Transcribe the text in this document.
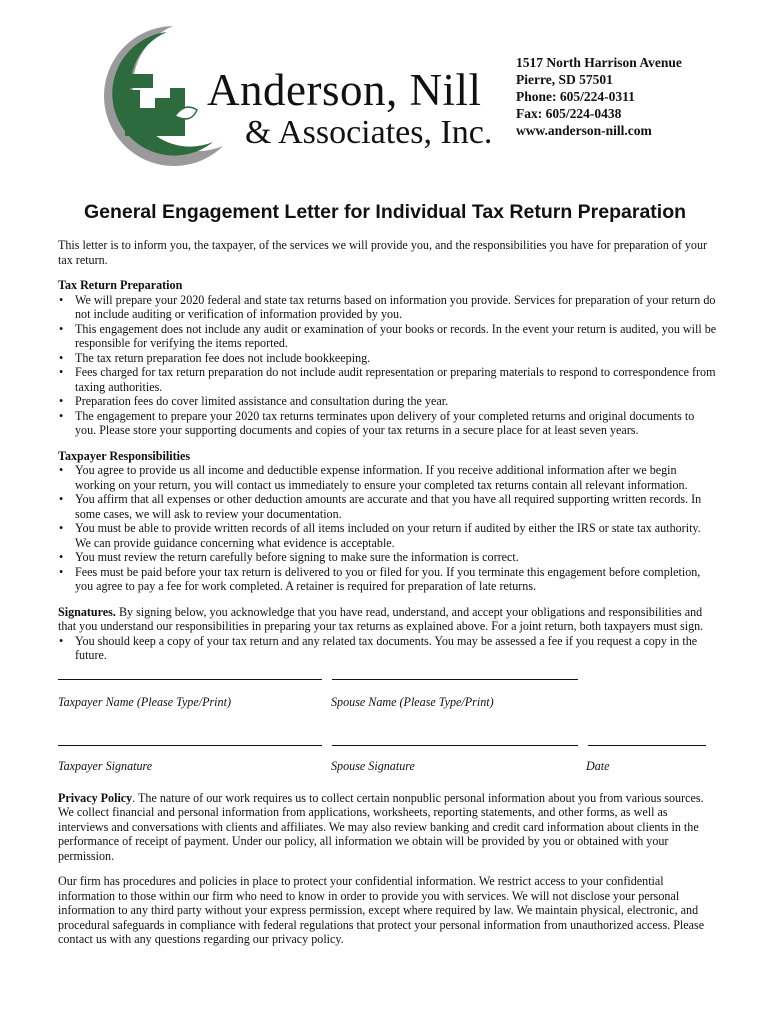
Anderson, Nill
& Associates, Inc.
1517 North Harrison Avenue
Pierre, SD 57501
Phone: 605/224-0311
Fax: 605/224-0438
www.anderson-nill.com
General Engagement Letter for Individual Tax Return Preparation

This letter is to inform you, the taxpayer, of the services we will provide you, and the responsibilities you have for preparation of your tax return.

Tax Return Preparation
• We will prepare your 2020 federal and state tax returns based on information you provide. Services for preparation of your return do not include auditing or verification of information provided by you.
• This engagement does not include any audit or examination of your books or records. In the event your return is audited, you will be responsible for verifying the items reported.
• The tax return preparation fee does not include bookkeeping.
• Fees charged for tax return preparation do not include audit representation or preparing materials to respond to correspondence from taxing authorities.
• Preparation fees do cover limited assistance and consultation during the year.
• The engagement to prepare your 2020 tax returns terminates upon delivery of your completed returns and original documents to you. Please store your supporting documents and copies of your tax returns in a secure place for at least seven years.
Taxpayer Responsibilities
• You agree to provide us all income and deductible expense information. If you receive additional information after we begin working on your return, you will contact us immediately to ensure your completed tax returns contain all relevant information.
• You affirm that all expenses or other deduction amounts are accurate and that you have all required supporting written records. In some cases, we will ask to review your documentation.
• You must be able to provide written records of all items included on your return if audited by either the IRS or state tax authority. We can provide guidance concerning what evidence is acceptable.
• You must review the return carefully before signing to make sure the information is correct.
• Fees must be paid before your tax return is delivered to you or filed for you. If you terminate this engagement before completion, you agree to pay a fee for work completed. A retainer is required for preparation of late returns.

Signatures. By signing below, you acknowledge that you have read, understand, and accept your obligations and responsibilities and that you understand our responsibilities in preparing your tax returns as explained above. For a joint return, both taxpayers must sign.

• You should keep a copy of your tax return and any related tax documents. You may be assessed a fee if you request a copy in the future.
Taxpayer Name (Please Type/Print)	Spouse Name (Please Type/Print)
Taxpayer Signature	Spouse Signature	Date

Privacy Policy. The nature of our work requires us to collect certain nonpublic personal information about you from various sources. We collect financial and personal information from applications, worksheets, reporting statements, and other forms, as well as interviews and conversations with clients and affiliates. We may also review banking and credit card information about clients in the performance of receipt of payment. Under our policy, all information we obtain will be provided by you or obtained with your permission.

Our firm has procedures and policies in place to protect your confidential information. We restrict access to your confidential information to those within our firm who need to know in order to provide you with services. We will not disclose your personal information to any third party without your express permission, except where required by law. We maintain physical, electronic, and procedural safeguards in compliance with federal regulations that protect your personal information from unauthorized access. Please contact us with any questions regarding our privacy policy.
